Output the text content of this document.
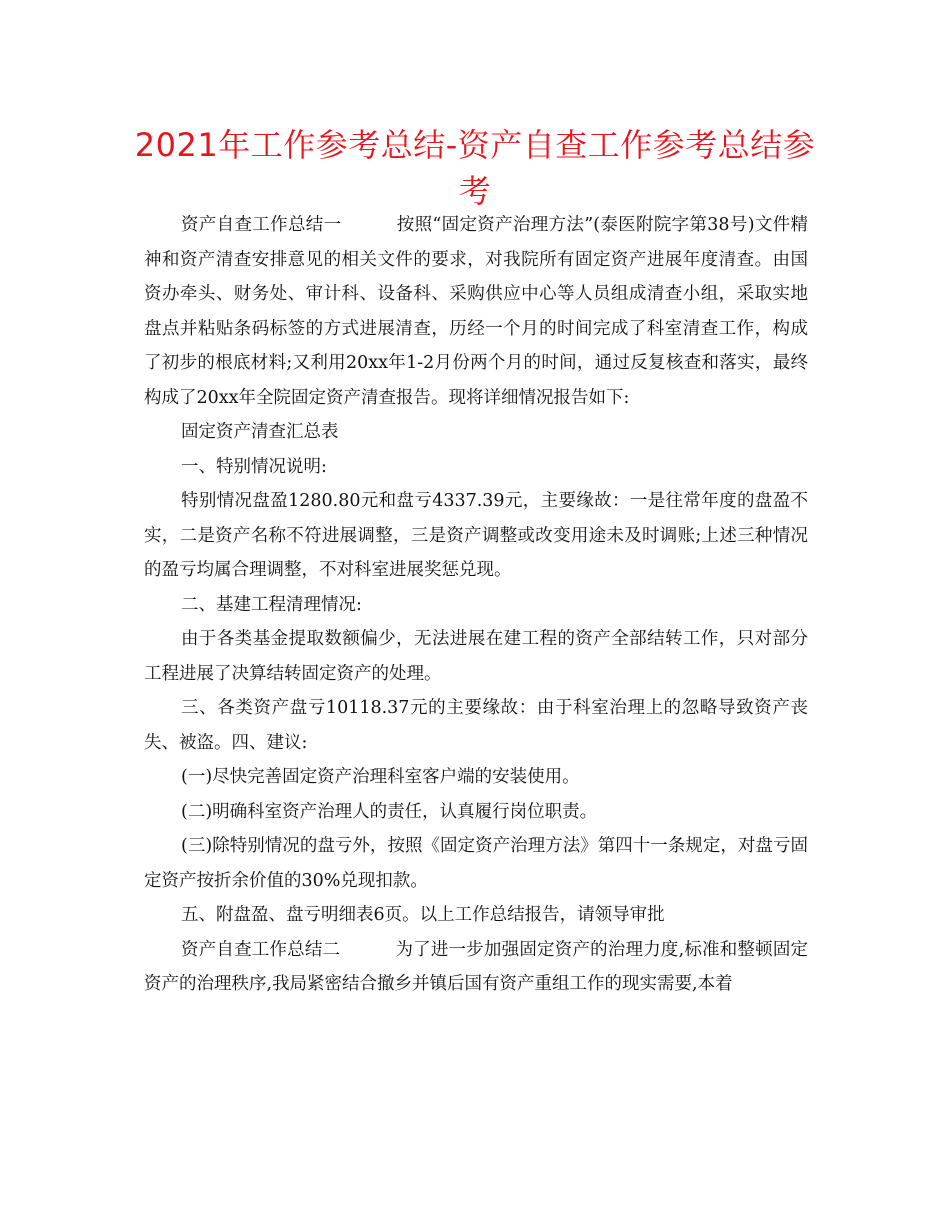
2021年工作参考总结-资产自查工作参考总结参考

资产自查工作总结一	按照“固定资产治理方法”(泰医附院字第38号)文件精神和资产清查安排意见的相关文件的要求，对我院所有固定资产进展年度清查。由国资办牵头、财务处、审计科、设备科、采购供应中心等人员组成清查小组，采取实地盘点并粘贴条码标签的方式进展清查，历经一个月的时间完成了科室清查工作，构成了初步的根底材料;又利用20xx年1-2月份两个月的时间，通过反复核查和落实，最终构成了20xx年全院固定资产清查报告。现将详细情况报告如下:

固定资产清查汇总表

一、特别情况说明:

特别情况盘盈1280.80元和盘亏4337.39元，主要缘故：一是往常年度的盘盈不实，二是资产名称不符进展调整，三是资产调整或改变用途未及时调账;上述三种情况的盈亏均属合理调整，不对科室进展奖惩兑现。

二、基建工程清理情况:

由于各类基金提取数额偏少，无法进展在建工程的资产全部结转工作，只对部分工程进展了决算结转固定资产的处理。

三、各类资产盘亏10118.37元的主要缘故：由于科室治理上的忽略导致资产丧失、被盗。四、建议:

(一)尽快完善固定资产治理科室客户端的安装使用。

(二)明确科室资产治理人的责任，认真履行岗位职责。

(三)除特别情况的盘亏外，按照《固定资产治理方法》第四十一条规定，对盘亏固定资产按折余价值的30%兑现扣款。

五、附盘盈、盘亏明细表6页。以上工作总结报告，请领导审批

资产自查工作总结二	为了进一步加强固定资产的治理力度,标准和整顿固定资产的治理秩序,我局紧密结合撤乡并镇后国有资产重组工作的现实需要,本着
